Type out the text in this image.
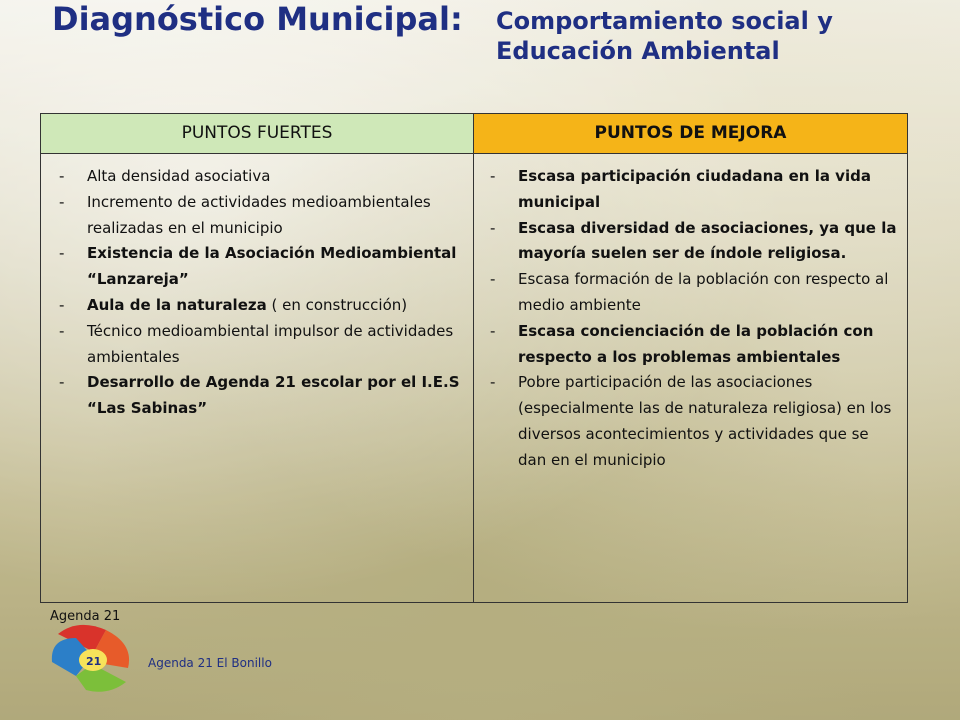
Diagnóstico Municipal: Comportamiento social y
Educación Ambiental
PUNTOS FUERTES
- Alta densidad asociativa
- Incremento de actividades medioambientales realizadas en el municipio
- Existencia de la Asociación Medioambiental “Lanzareja”
- Aula de la naturaleza ( en construcción)
- Técnico medioambiental impulsor de actividades ambientales
- Desarrollo de Agenda 21 escolar por el I.E.S “Las Sabinas”
PUNTOS DE MEJORA
- Escasa participación ciudadana en la vida municipal
- Escasa diversidad de asociaciones, ya que la mayoría suelen ser de índole religiosa.
- Escasa formación de la población con respecto al medio ambiente
- Escasa concienciación de la población con respecto a los problemas ambientales
- Pobre participación de las asociaciones (especialmente las de naturaleza religiosa) en los diversos acontecimientos y actividades que se dan en el municipio
Agenda 21
21	Agenda 21 El Bonillo
